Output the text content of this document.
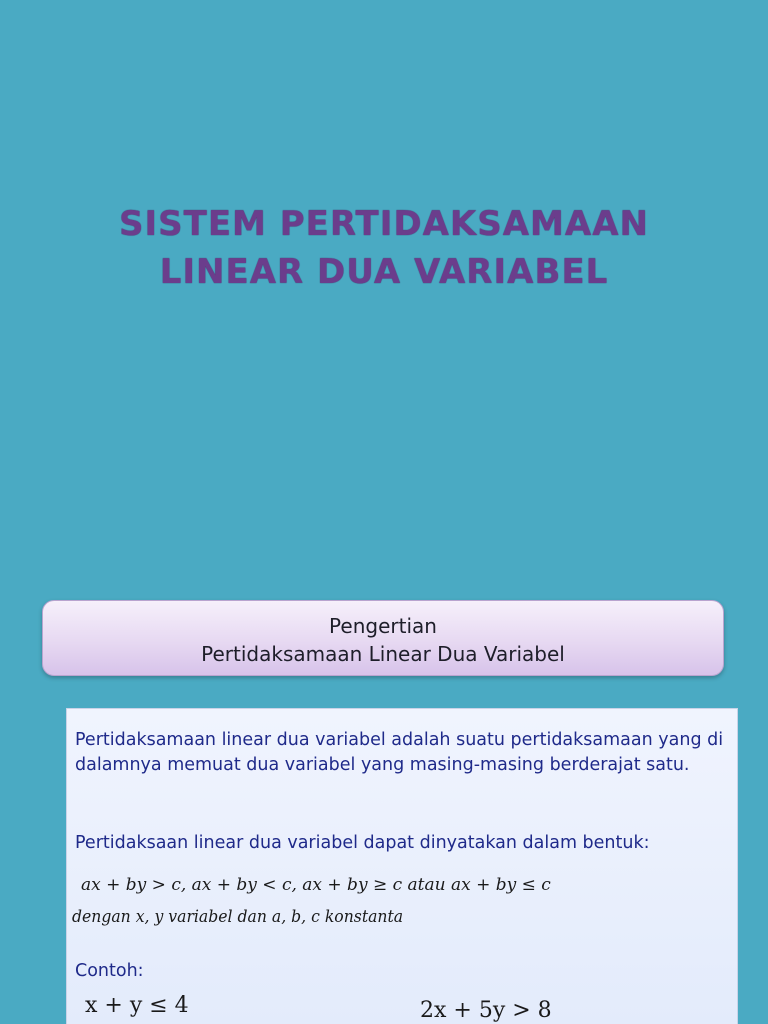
SISTEM PERTIDAKSAMAAN
LINEAR DUA VARIABEL
Pengertian
Pertidaksamaan Linear Dua Variabel

Pertidaksamaan linear dua variabel adalah suatu pertidaksamaan yang di dalamnya memuat dua variabel yang masing-masing berderajat satu.

Pertidaksaan linear dua variabel dapat dinyatakan dalam bentuk:

ax + by > c, ax + by < c, ax + by ≥ c atau ax + by ≤ c
dengan x, y variabel dan a, b, c konstanta
Contoh:
x + y ≤ 4	2x + 5y > 8
